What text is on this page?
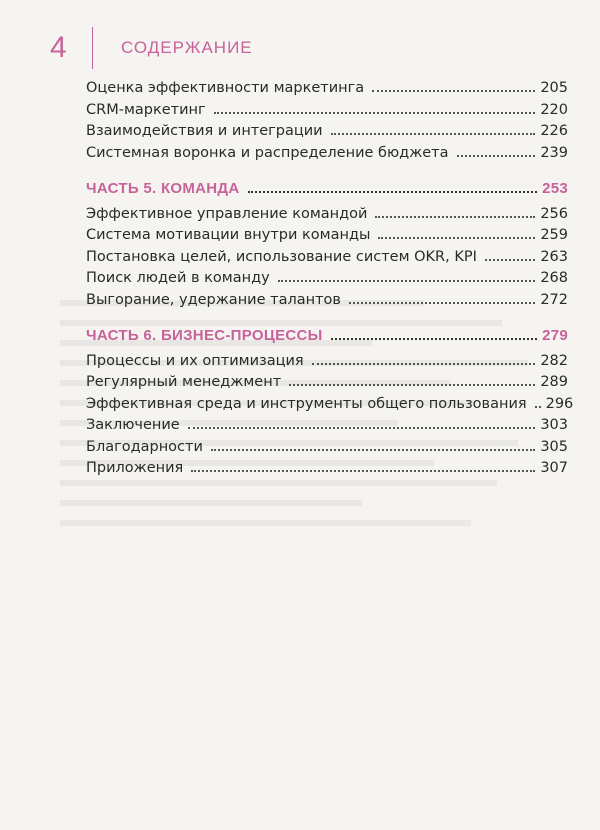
4	СОДЕРЖАНИЕ
Оценка эффективности маркетинга	205
CRM-маркетинг	220
Взаимодействия и интеграции	226
Системная воронка и распределение бюджета	239
ЧАСТЬ 5. КОМАНДА	253
Эффективное управление командой	256
Система мотивации внутри команды	259
Постановка целей, использование систем OKR, KPI	263
Поиск людей в команду	268
Выгорание, удержание талантов	272
ЧАСТЬ 6. БИЗНЕС-ПРОЦЕССЫ	279
Процессы и их оптимизация	282
Регулярный менеджмент	289
Эффективная среда и инструменты общего пользования 296
Заключение	303
Благодарности	305
Приложения	307
